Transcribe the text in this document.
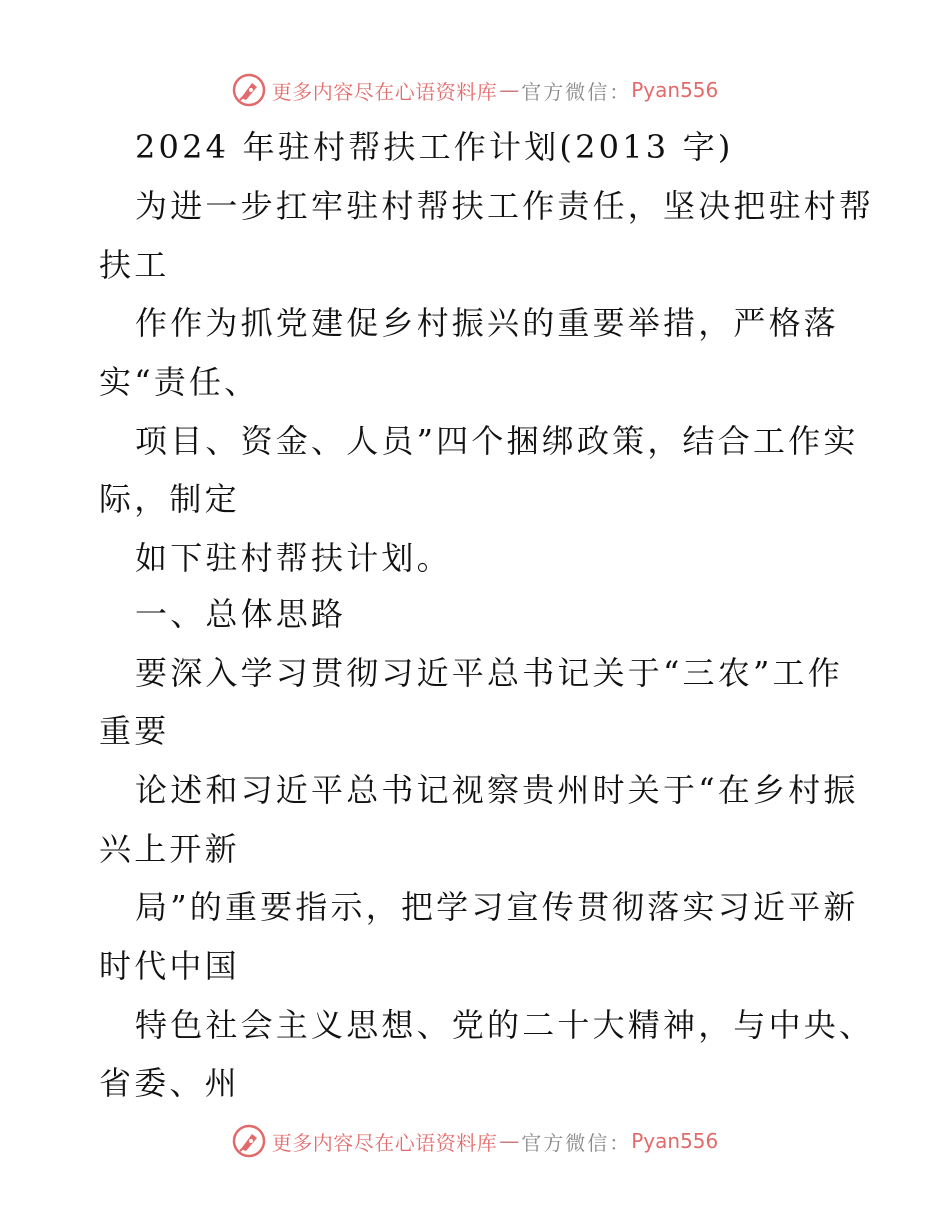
更多内容尽在心语资料库 — 官方微信： Pyan556
2024 年驻村帮扶工作计划(2013 字)
为进一步扛牢驻村帮扶工作责任，坚决把驻村帮
扶工
作作为抓党建促乡村振兴的重要举措，严格落
实“责任、
项目、资金、人员”四个捆绑政策，结合工作实
际，制定
如下驻村帮扶计划。
一、总体思路
要深入学习贯彻习近平总书记关于“三农”工作
重要
论述和习近平总书记视察贵州时关于“在乡村振
兴上开新
局”的重要指示，把学习宣传贯彻落实习近平新
时代中国
特色社会主义思想、党的二十大精神，与中央、
省委、州
更多内容尽在心语资料库 — 官方微信： Pyan556
